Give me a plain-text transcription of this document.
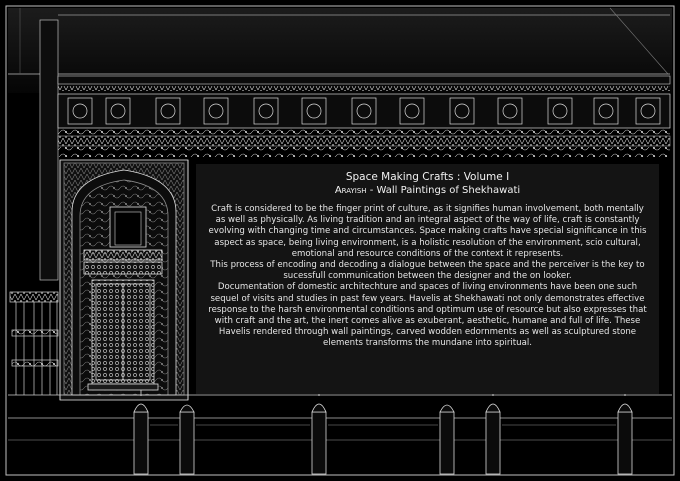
Space Making Crafts : Volume I

Arayish - Wall Paintings of Shekhawati

Craft is considered to be the finger print of culture, as it signifies human involvement, both mentally as well as physically. As living tradition and an integral aspect of the way of life, craft is constantly evolving with changing time and circumstances. Space making crafts have special significance in this aspect as space, being living environment, is a holistic resolution of the environment, scio cultural, emotional and resource conditions of the context it represents.

This process of encoding and decoding a dialogue between the space and the perceiver is the key to sucessfull communication between the designer and the on looker.

Documentation of domestic architechture and spaces of living environments have been one such sequel of visits and studies in past few years. Havelis at Shekhawati not only demonstrates effective response to the harsh environmental conditions and optimum use of resource but also expresses that with craft and the art, the inert comes alive as exuberant, aesthetic, humane and full of life. These Havelis rendered through wall paintings, carved wodden edornments as well as sculptured stone elements transforms the mundane into spiritual.
